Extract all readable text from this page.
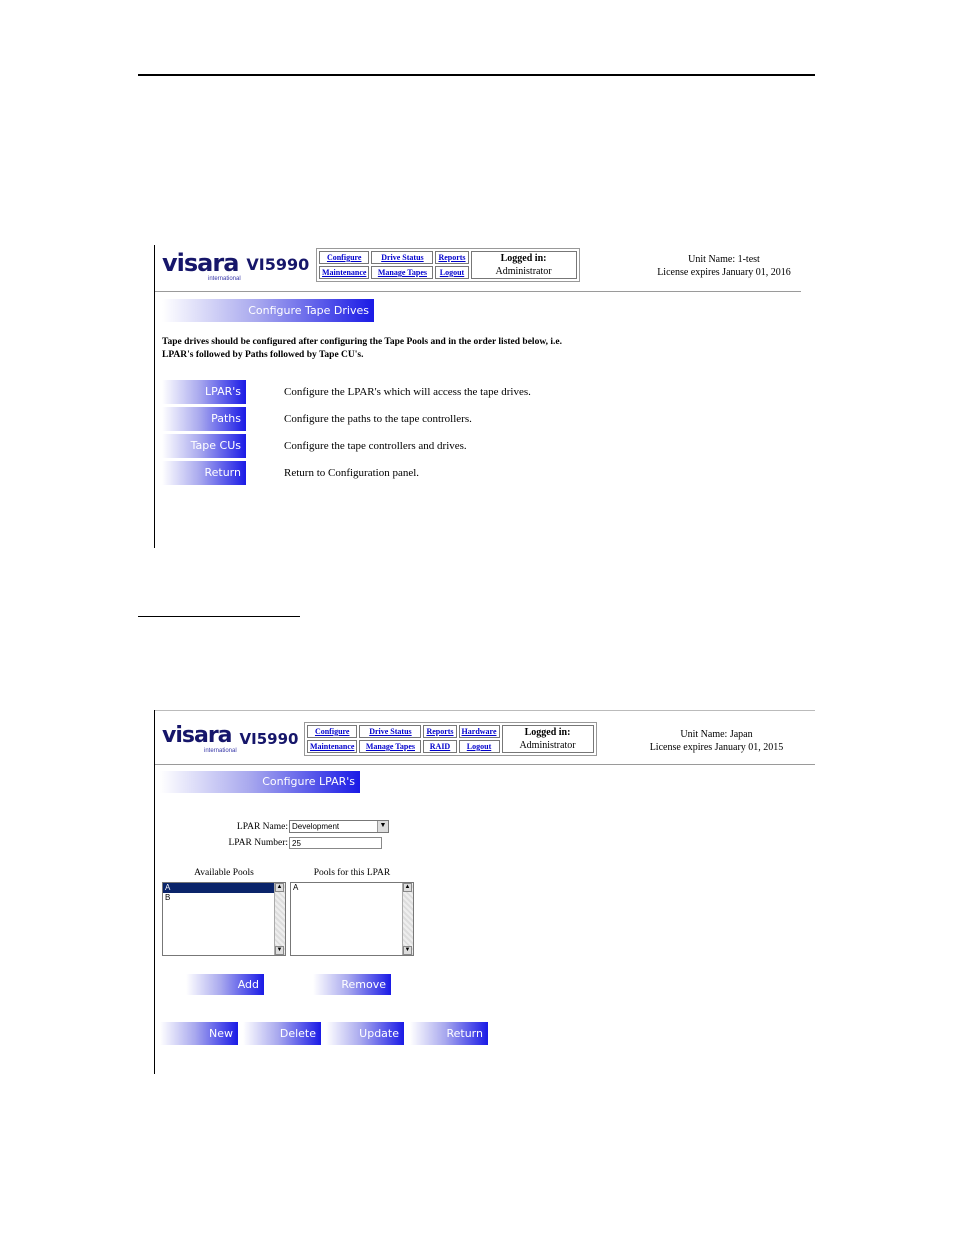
visara
international
VI5990 Configure	Drive Status	Reports	Logged in:
Administrator

Maintenance	Manage Tapes	Logout	
Unit Name: 1-test
License expires January 01, 2016
Configure Tape Drives
Tape drives should be configured after configuring the Tape Pools and in the order listed below, i.e. LPAR's followed by Paths followed by Tape CU's.
LPAR's	Configure the LPAR's which will access the tape drives.
Paths	Configure the paths to the tape controllers.
Tape CUs	Configure the tape controllers and drives.
Return	Return to Configuration panel.
visara
international
VI5990 Configure	Drive Status	Reports	Hardware	Logged in:
Administrator

Maintenance	Manage Tapes	RAID	Logout	
Unit Name: Japan
License expires January 01, 2015
Configure LPAR's
LPAR Name: Development	▼
LPAR Number: 25
Available Pools	Pools for this LPAR
A
B
▲
▼
A	▲
▼
Add	Remove
New	Delete	Update	Return
